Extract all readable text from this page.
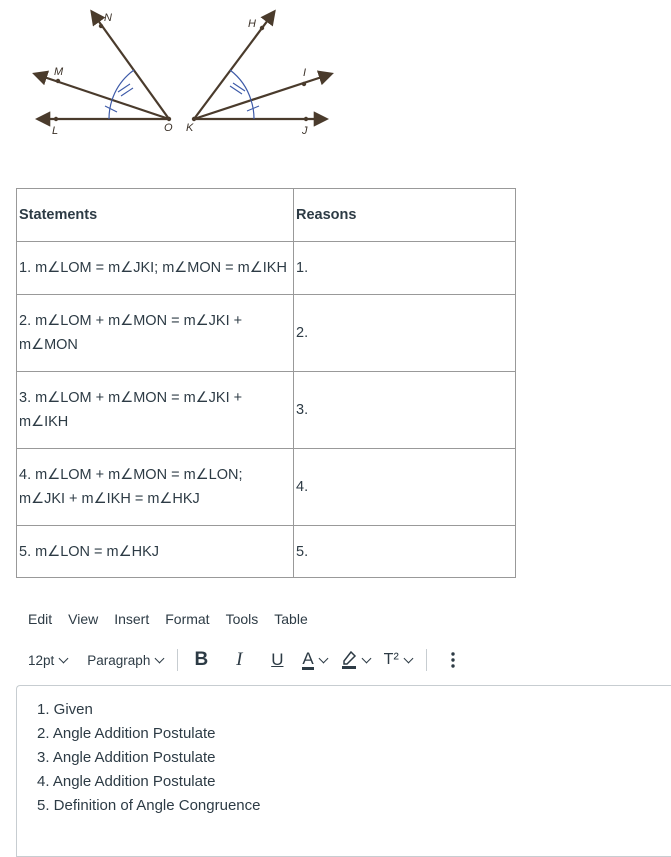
N
M
L	O
H
I
K	J
Statements	Reasons
1. m∠LOM = m∠JKI; m∠MON = m∠IKH	1.
2. m∠LOM + m∠MON = m∠JKI +
m∠MON	2.
3. m∠LOM + m∠MON = m∠JKI +
m∠IKH	3.
4. m∠LOM + m∠MON = m∠LON;
m∠JKI + m∠IKH = m∠HKJ	4.
5. m∠LON = m∠HKJ	5.
Edit View Insert Format Tools Table
12pt Paragraph B I U A	T²
1. Given
2. Angle Addition Postulate
3. Angle Addition Postulate
4. Angle Addition Postulate
5. Definition of Angle Congruence
